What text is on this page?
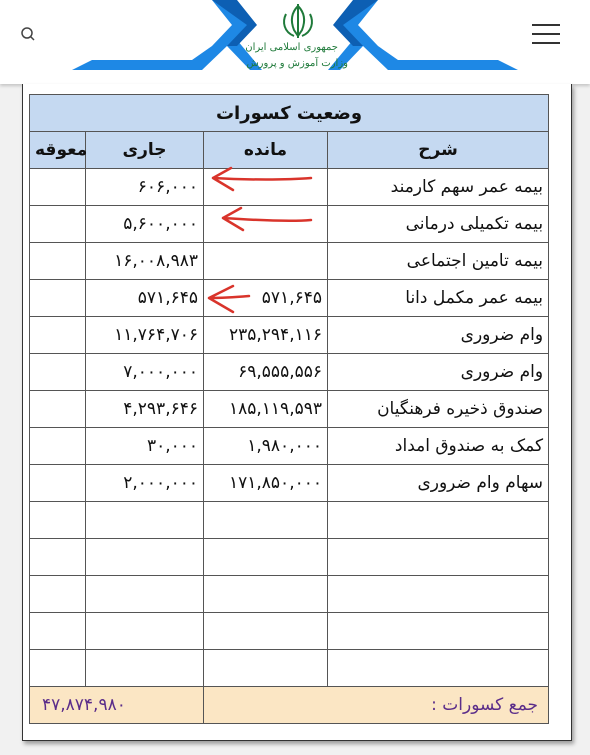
جمهوری اسلامی ایران
وزارت آموزش و پرورش
وضعیت کسورات			
معوقه	جاری	مانده	شرح
	۶۰۶,۰۰۰		بیمه عمر سهم کارمند
	۵,۶۰۰,۰۰۰		بیمه تکمیلی درمانی
	۱۶,۰۰۸,۹۸۳		بیمه تامین اجتماعی
	۵۷۱,۶۴۵	۵۷۱,۶۴۵	بیمه عمر مکمل دانا
	۱۱,۷۶۴,۷۰۶	۲۳۵,۲۹۴,۱۱۶	وام ضروری
	۷,۰۰۰,۰۰۰	۶۹,۵۵۵,۵۵۶	وام ضروری
	۴,۲۹۳,۶۴۶	۱۸۵,۱۱۹,۵۹۳	صندوق ذخیره فرهنگیان
	۳۰,۰۰۰	۱,۹۸۰,۰۰۰	کمک به صندوق امداد
	۲,۰۰۰,۰۰۰	۱۷۱,۸۵۰,۰۰۰	سهام وام ضروری

۴۷,۸۷۴,۹۸۰		جمع کسورات :	
